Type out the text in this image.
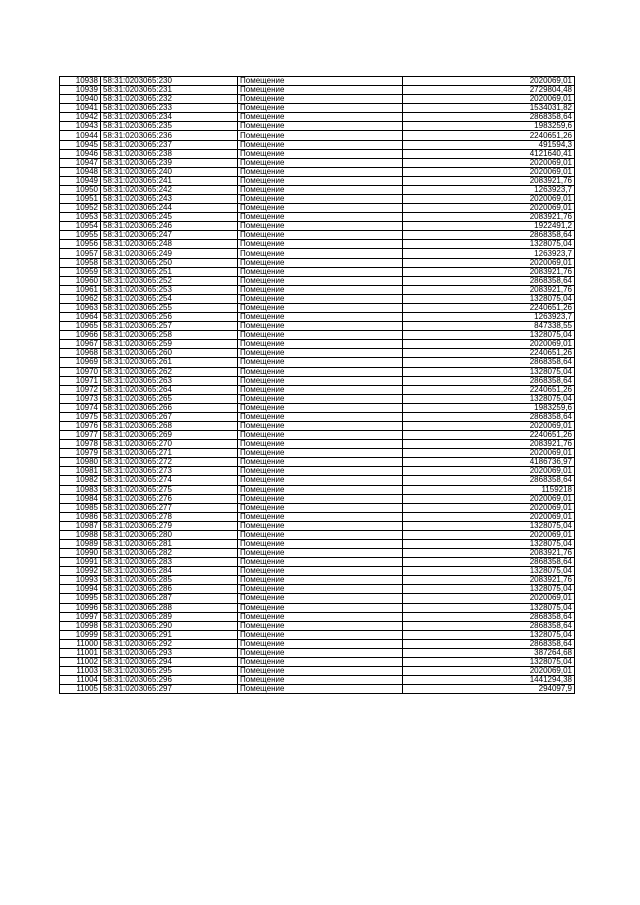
10938	58:31:0203065:230	Помещение	2020069,01
10939	58:31:0203065:231	Помещение	2729804,48
10940	58:31:0203065:232	Помещение	2020069,01
10941	58:31:0203065:233	Помещение	1534031,82
10942	58:31:0203065:234	Помещение	2868358,64
10943	58:31:0203065:235	Помещение	1983259,6
10944	58:31:0203065:236	Помещение	2240651,26
10945	58:31:0203065:237	Помещение	491594,3
10946	58:31:0203065:238	Помещение	4121640,41
10947	58:31:0203065:239	Помещение	2020069,01
10948	58:31:0203065:240	Помещение	2020069,01
10949	58:31:0203065:241	Помещение	2083921,76
10950	58:31:0203065:242	Помещение	1263923,7
10951	58:31:0203065:243	Помещение	2020069,01
10952	58:31:0203065:244	Помещение	2020069,01
10953	58:31:0203065:245	Помещение	2083921,76
10954	58:31:0203065:246	Помещение	1922491,2
10955	58:31:0203065:247	Помещение	2868358,64
10956	58:31:0203065:248	Помещение	1328075,04
10957	58:31:0203065:249	Помещение	1263923,7
10958	58:31:0203065:250	Помещение	2020069,01
10959	58:31:0203065:251	Помещение	2083921,76
10960	58:31:0203065:252	Помещение	2868358,64
10961	58:31:0203065:253	Помещение	2083921,76
10962	58:31:0203065:254	Помещение	1328075,04
10963	58:31:0203065:255	Помещение	2240651,26
10964	58:31:0203065:256	Помещение	1263923,7
10965	58:31:0203065:257	Помещение	847338,55
10966	58:31:0203065:258	Помещение	1328075,04
10967	58:31:0203065:259	Помещение	2020069,01
10968	58:31:0203065:260	Помещение	2240651,26
10969	58:31:0203065:261	Помещение	2868358,64
10970	58:31:0203065:262	Помещение	1328075,04
10971	58:31:0203065:263	Помещение	2868358,64
10972	58:31:0203065:264	Помещение	2240651,26
10973	58:31:0203065:265	Помещение	1328075,04
10974	58:31:0203065:266	Помещение	1983259,6
10975	58:31:0203065:267	Помещение	2868358,64
10976	58:31:0203065:268	Помещение	2020069,01
10977	58:31:0203065:269	Помещение	2240651,26
10978	58:31:0203065:270	Помещение	2083921,76
10979	58:31:0203065:271	Помещение	2020069,01
10980	58:31:0203065:272	Помещение	4186736,97
10981	58:31:0203065:273	Помещение	2020069,01
10982	58:31:0203065:274	Помещение	2868358,64
10983	58:31:0203065:275	Помещение	1159218
10984	58:31:0203065:276	Помещение	2020069,01
10985	58:31:0203065:277	Помещение	2020069,01
10986	58:31:0203065:278	Помещение	2020069,01
10987	58:31:0203065:279	Помещение	1328075,04
10988	58:31:0203065:280	Помещение	2020069,01
10989	58:31:0203065:281	Помещение	1328075,04
10990	58:31:0203065:282	Помещение	2083921,76
10991	58:31:0203065:283	Помещение	2868358,64
10992	58:31:0203065:284	Помещение	1328075,04
10993	58:31:0203065:285	Помещение	2083921,76
10994	58:31:0203065:286	Помещение	1328075,04
10995	58:31:0203065:287	Помещение	2020069,01
10996	58:31:0203065:288	Помещение	1328075,04
10997	58:31:0203065:289	Помещение	2868358,64
10998	58:31:0203065:290	Помещение	2868358,64
10999	58:31:0203065:291	Помещение	1328075,04
11000	58:31:0203065:292	Помещение	2868358,64
11001	58:31:0203065:293	Помещение	387264,68
11002	58:31:0203065:294	Помещение	1328075,04
11003	58:31:0203065:295	Помещение	2020069,01
11004	58:31:0203065:296	Помещение	1441294,38
11005	58:31:0203065:297	Помещение	294097,9
